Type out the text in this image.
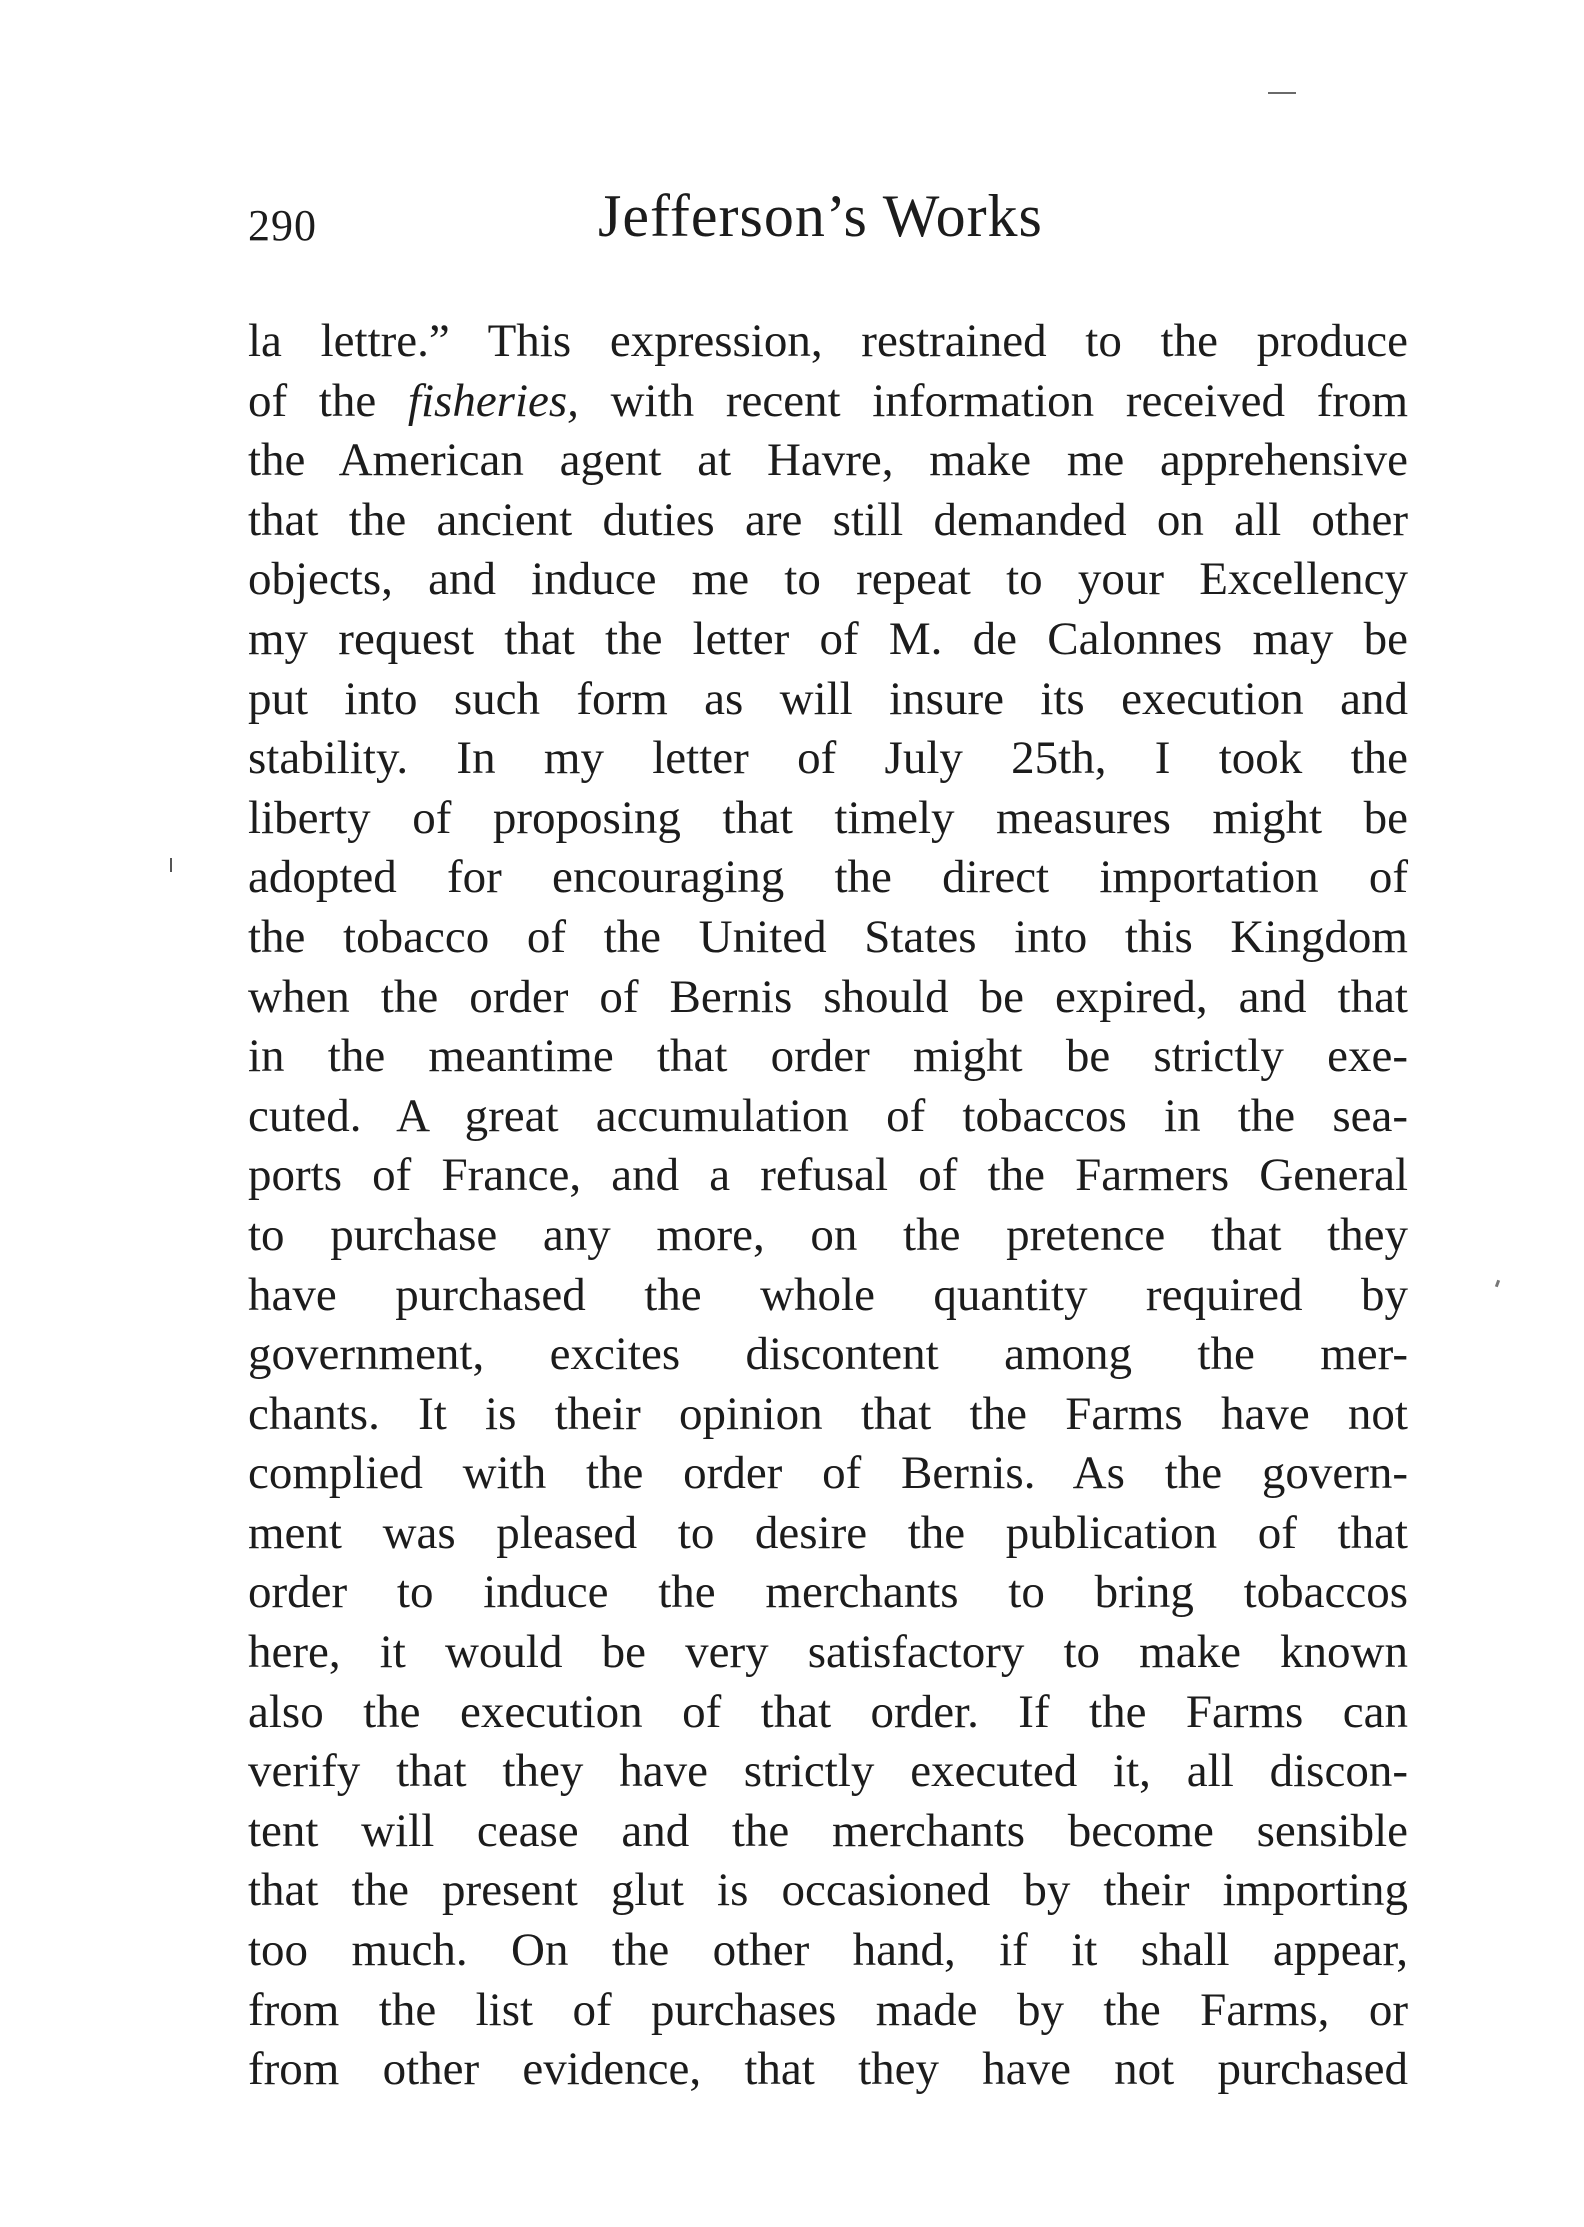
290	Jefferson’s Works
la lettre.” This expression, restrained to the produce
of the fisheries, with recent information received from
the American agent at Havre, make me apprehensive
that the ancient duties are still demanded on all other
objects, and induce me to repeat to your Excellency
my request that the letter of M. de Calonnes may be
put into such form as will insure its execution and
stability. In my letter of July 25th, I took the
liberty of proposing that timely measures might be
adopted for encouraging the direct importation of
the tobacco of the United States into this Kingdom
when the order of Bernis should be expired, and that
in the meantime that order might be strictly exe-
cuted. A great accumulation of tobaccos in the sea-
ports of France, and a refusal of the Farmers General
to purchase any more, on the pretence that they
have purchased the whole quantity required by
government, excites discontent among the mer-
chants. It is their opinion that the Farms have not
complied with the order of Bernis. As the govern-
ment was pleased to desire the publication of that
order to induce the merchants to bring tobaccos
here, it would be very satisfactory to make known
also the execution of that order. If the Farms can
verify that they have strictly executed it, all discon-
tent will cease and the merchants become sensible
that the present glut is occasioned by their importing
too much. On the other hand, if it shall appear,
from the list of purchases made by the Farms, or
from other evidence, that they have not purchased
